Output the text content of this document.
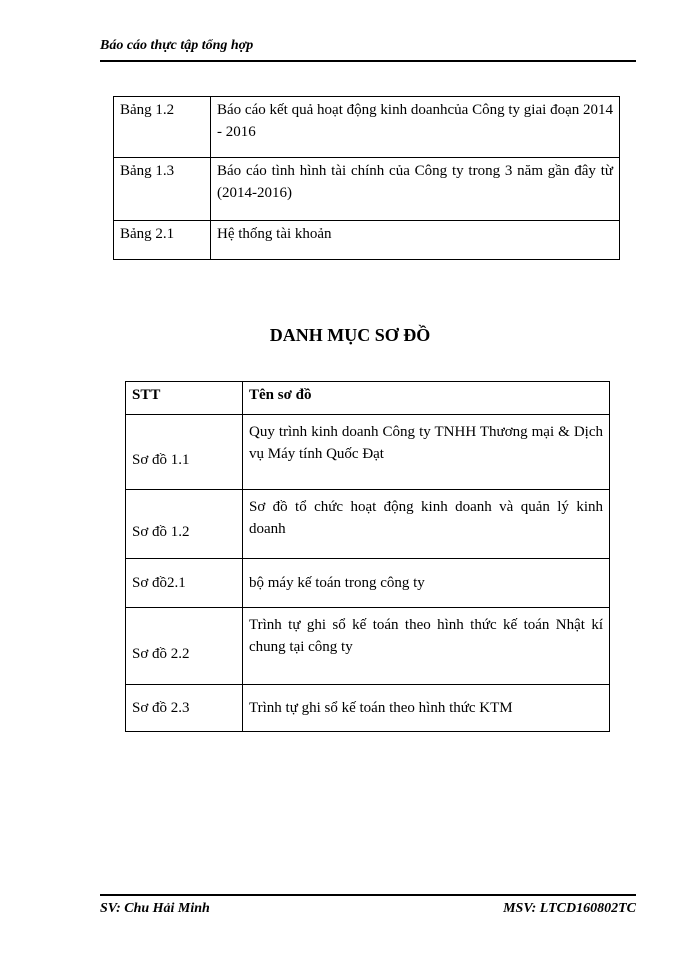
Báo cáo thực tập tổng hợp
Bảng 1.2	Báo cáo kết quả hoạt động kinh doanhcủa Công ty giai đoạn 2014 - 2016
Bảng 1.3	Báo cáo tình hình tài chính của Công ty trong 3 năm gần đây từ (2014-2016)
Bảng 2.1	Hệ thống tài khoản
DANH MỤC SƠ ĐỒ
STT	Tên sơ đồ
Sơ đồ 1.1	Quy trình kinh doanh Công ty TNHH Thương mại & Dịch vụ Máy tính Quốc Đạt
Sơ đồ 1.2	Sơ đồ tổ chức hoạt động kinh doanh và quản lý kinh doanh
Sơ đồ2.1	bộ máy kế toán trong công ty
Sơ đồ 2.2	Trình tự ghi sổ kế toán theo hình thức kế toán Nhật kí chung tại công ty
Sơ đồ 2.3	Trình tự ghi sổ kế toán theo hình thức KTM
SV: Chu Hải Minh	MSV: LTCD160802TC
